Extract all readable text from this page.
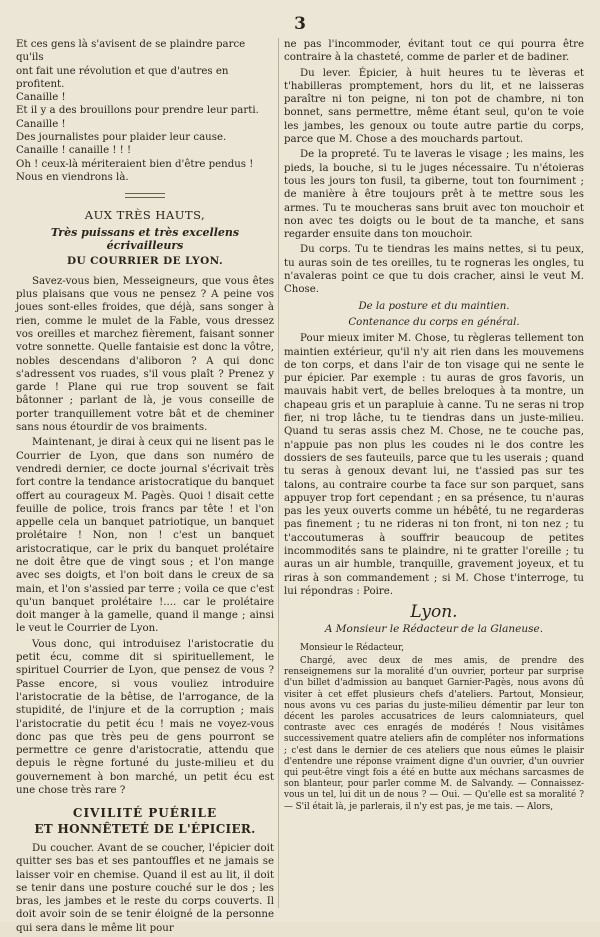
3
Et ces gens là s'avisent de se plaindre parce qu'ils
ont fait une révolution et que d'autres en profitent.
Canaille !
Et il y a des brouillons pour prendre leur parti.
Canaille !
Des journalistes pour plaider leur cause.
Canaille ! canaille ! ! !
Oh ! ceux-là mériteraient bien d'être pendus !
Nous en viendrons là.
AUX TRÈS HAUTS,
Très puissans et très excellens écrivailleurs
DU COURRIER DE LYON.

Savez-vous bien, Messeigneurs, que vous êtes plus plaisans que vous ne pensez ? A peine vos joues sont-elles froides, que déjà, sans songer à rien, comme le mulet de la Fable, vous dressez vos oreilles et marchez fièrement, faisant sonner votre sonnette. Quelle fantaisie est donc la vôtre, nobles descendans d'aliboron ? A qui donc s'adressent vos ruades, s'il vous plaît ? Prenez y garde ! Plane qui rue trop souvent se fait bâtonner ; parlant de là, je vous conseille de porter tranquillement votre bât et de cheminer sans nous étourdir de vos braiments.

Maintenant, je dirai à ceux qui ne lisent pas le Courrier de Lyon, que dans son numéro de vendredi dernier, ce docte journal s'écrivait très fort contre la tendance aristocratique du banquet offert au courageux M. Pagès. Quoi ! disait cette feuille de police, trois francs par tête ! et l'on appelle cela un banquet patriotique, un banquet prolétaire ! Non, non ! c'est un banquet aristocratique, car le prix du banquet prolétaire ne doit être que de vingt sous ; et l'on mange avec ses doigts, et l'on boit dans le creux de sa main, et l'on s'assied par terre ; voila ce que c'est qu'un banquet prolétaire !.... car le prolétaire doit manger à la gamelle, quand il mange ; ainsi le veut le Courrier de Lyon.

Vous donc, qui introduisez l'aristocratie du petit écu, comme dit si spirituellement, le spirituel Courrier de Lyon, que pensez de vous ? Passe encore, si vous vouliez introduire l'aristocratie de la bêtise, de l'arrogance, de la stupidité, de l'injure et de la corruption ; mais l'aristocratie du petit écu ! mais ne voyez-vous donc pas que très peu de gens pourront se permettre ce genre d'aristocratie, attendu que depuis le règne fortuné du juste-milieu et du gouvernement à bon marché, un petit écu est une chose très rare ?

CIVILITÉ PUÉRILE
ET HONNÊTETÉ DE L'ÉPICIER.

Du coucher. Avant de se coucher, l'épicier doit quitter ses bas et ses pantouffles et ne jamais se laisser voir en chemise. Quand il est au lit, il doit se tenir dans une posture couché sur le dos ; les bras, les jambes et le reste du corps couverts. Il doit avoir soin de se tenir éloigné de la personne qui sera dans le même lit pour

ne pas l'incommoder, évitant tout ce qui pourra être contraire à la chasteté, comme de parler et de badiner.

Du lever. Épicier, à huit heures tu te lèveras et t'habilleras promptement, hors du lit, et ne laisseras paraître ni ton peigne, ni ton pot de chambre, ni ton bonnet, sans permettre, même étant seul, qu'on te voie les jambes, les genoux ou toute autre partie du corps, parce que M. Chose a des mouchards partout.

De la propreté. Tu te laveras le visage ; les mains, les pieds, la bouche, si tu le juges nécessaire. Tu n'étoieras tous les jours ton fusil, ta giberne, tout ton fourniment ; de manière à être toujours prêt à te mettre sous les armes. Tu te moucheras sans bruit avec ton mouchoir et non avec tes doigts ou le bout de ta manche, et sans regarder ensuite dans ton mouchoir.

Du corps. Tu te tiendras les mains nettes, si tu peux, tu auras soin de tes oreilles, tu te rogneras les ongles, tu n'avaleras point ce que tu dois cracher, ainsi le veut M. Chose.

De la posture et du maintien.
Contenance du corps en général.

Pour mieux imiter M. Chose, tu règleras tellement ton maintien extérieur, qu'il n'y ait rien dans les mouvemens de ton corps, et dans l'air de ton visage qui ne sente le pur épicier. Par exemple : tu auras de gros favoris, un mauvais habit vert, de belles breloques à ta montre, un chapeau gris et un parapluie à canne. Tu ne seras ni trop fier, ni trop lâche, tu te tiendras dans un juste-milieu. Quand tu seras assis chez M. Chose, ne te couche pas, n'appuie pas non plus les coudes ni le dos contre les dossiers de ses fauteuils, parce que tu les userais ; quand tu seras à genoux devant lui, ne t'assied pas sur tes talons, au contraire courbe ta face sur son parquet, sans appuyer trop fort cependant ; en sa présence, tu n'auras pas les yeux ouverts comme un hébêté, tu ne regarderas pas finement ; tu ne rideras ni ton front, ni ton nez ; tu t'accoutumeras à souffrir beaucoup de petites incommodités sans te plaindre, ni te gratter l'oreille ; tu auras un air humble, tranquille, gravement joyeux, et tu riras à son commandement ; si M. Chose t'interroge, tu lui répondras : Poire.

Lyon.
A Monsieur le Rédacteur de la Glaneuse.

Monsieur le Rédacteur,

Chargé, avec deux de mes amis, de prendre des renseignemens sur la moralité d'un ouvrier, porteur par surprise d'un billet d'admission au banquet Garnier-Pagès, nous avons dû visiter à cet effet plusieurs chefs d'ateliers. Partout, Monsieur, nous avons vu ces parias du juste-milieu démentir par leur ton décent les paroles accusatrices de leurs calomniateurs, quel contraste avec ces enragés de modérés ! Nous visitâmes successivement quatre ateliers afin de compléter nos informations ; c'est dans le dernier de ces ateliers que nous eûmes le plaisir d'entendre une réponse vraiment digne d'un ouvrier, d'un ouvrier qui peut-être vingt fois a été en butte aux méchans sarcasmes de son blanteur, pour parler comme M. de Salvandy. — Connaissez-vous un tel, lui dit un de nous ? — Oui. — Qu'elle est sa moralité ? — S'il était là, je parlerais, il n'y est pas, je me tais. — Alors,
